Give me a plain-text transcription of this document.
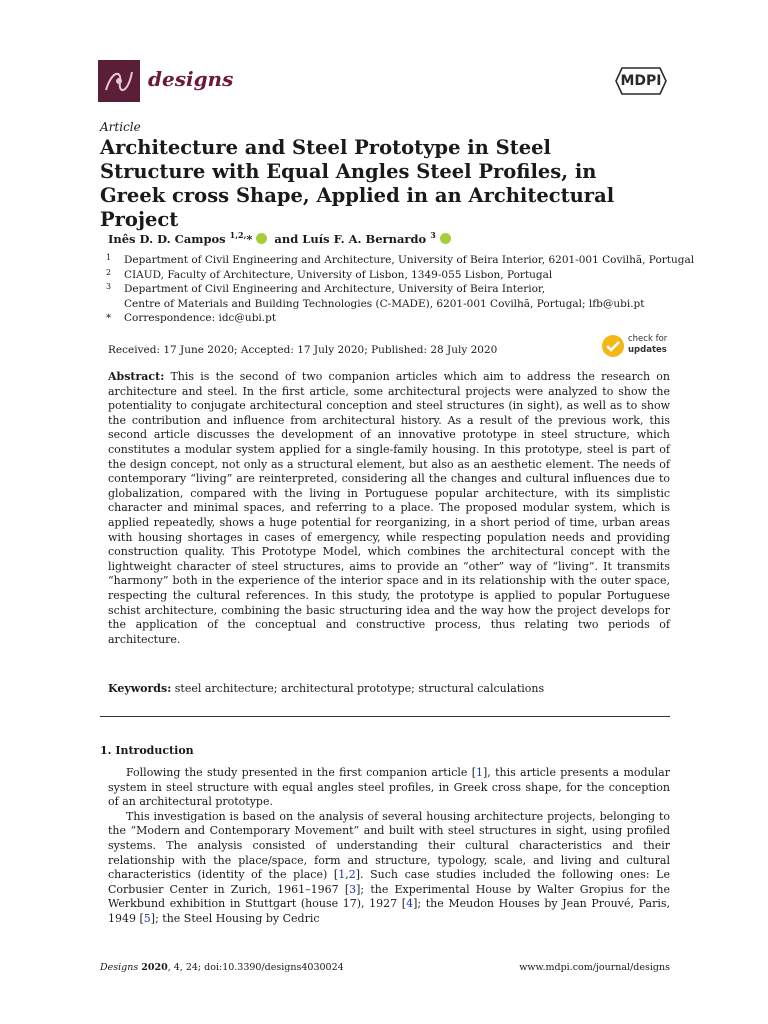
designs	MDPI
Article
Architecture and Steel Prototype in Steel Structure with Equal Angles Steel Profiles, in Greek cross Shape, Applied in an Architectural Project
Inês D. D. Campos $^{1,2,}$* and Luís F. A. Bernardo $^3$
1 Department of Civil Engineering and Architecture, University of Beira Interior, 6201-001 Covilhã, Portugal
2 CIAUD, Faculty of Architecture, University of Lisbon, 1349-055 Lisbon, Portugal
3 Department of Civil Engineering and Architecture, University of Beira Interior,
Centre of Materials and Building Technologies (C-MADE), 6201-001 Covilhã, Portugal; lfb@ubi.pt
* Correspondence: idc@ubi.pt
Received: 17 June 2020; Accepted: 17 July 2020; Published: 28 July 2020
check for
updates
Abstract: This is the second of two companion articles which aim to address the research on architecture and steel. In the first article, some architectural projects were analyzed to show the potentiality to conjugate architectural conception and steel structures (in sight), as well as to show the contribution and influence from architectural history. As a result of the previous work, this second article discusses the development of an innovative prototype in steel structure, which constitutes a modular system applied for a single-family housing. In this prototype, steel is part of the design concept, not only as a structural element, but also as an aesthetic element. The needs of contemporary “living” are reinterpreted, considering all the changes and cultural influences due to globalization, compared with the living in Portuguese popular architecture, with its simplistic character and minimal spaces, and referring to a place. The proposed modular system, which is applied repeatedly, shows a huge potential for reorganizing, in a short period of time, urban areas with housing shortages in cases of emergency, while respecting population needs and providing construction quality. This Prototype Model, which combines the architectural concept with the lightweight character of steel structures, aims to provide an “other” way of “living”. It transmits “harmony” both in the experience of the interior space and in its relationship with the outer space, respecting the cultural references. In this study, the prototype is applied to popular Portuguese schist architecture, combining the basic structuring idea and the way how the project develops for the application of the conceptual and constructive process, thus relating two periods of architecture.
Keywords: steel architecture; architectural prototype; structural calculations
1. Introduction

Following the study presented in the first companion article [1], this article presents a modular system in steel structure with equal angles steel profiles, in Greek cross shape, for the conception of an architectural prototype.

This investigation is based on the analysis of several housing architecture projects, belonging to the “Modern and Contemporary Movement” and built with steel structures in sight, using profiled systems. The analysis consisted of understanding their cultural characteristics and their relationship with the place/space, form and structure, typology, scale, and living and cultural characteristics (identity of the place) [1,2]. Such case studies included the following ones: Le Corbusier Center in Zurich, 1961–1967 [3]; the Experimental House by Walter Gropius for the Werkbund exhibition in Stuttgart (house 17), 1927 [4]; the Meudon Houses by Jean Prouvé, Paris, 1949 [5]; the Steel Housing by Cedric

Designs 2020, 4, 24; doi:10.3390/designs4030024	www.mdpi.com/journal/designs
